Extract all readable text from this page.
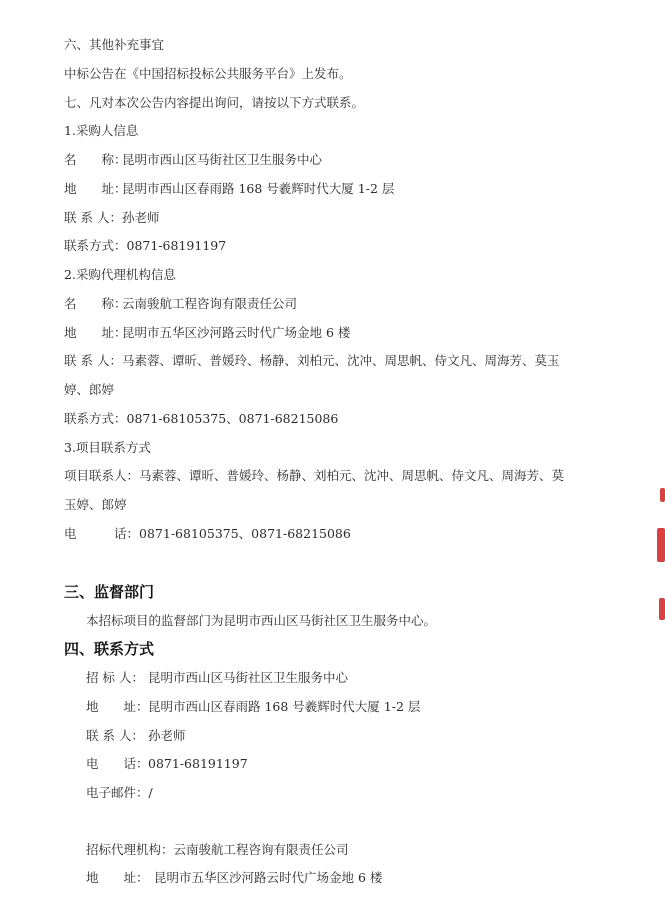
六、其他补充事宜
中标公告在《中国招标投标公共服务平台》上发布。
七、凡对本次公告内容提出询问，请按以下方式联系。
1.采购人信息
名　　称：昆明市西山区马街社区卫生服务中心
地　　址：昆明市西山区春雨路 168 号羲辉时代大厦 1-2 层
联 系 人：孙老师
联系方式：0871-68191197
2.采购代理机构信息
名　　称：云南骏航工程咨询有限责任公司
地　　址：昆明市五华区沙河路云时代广场金地 6 楼
联 系 人：马素蓉、谭昕、普媛玲、杨静、刘柏元、沈冲、周思帆、侍文凡、周海芳、莫玉
婷、郎婷
联系方式：0871-68105375、0871-68215086
3.项目联系方式
项目联系人：马素蓉、谭昕、普媛玲、杨静、刘柏元、沈冲、周思帆、侍文凡、周海芳、莫
玉婷、郎婷
电　　　话：0871-68105375、0871-68215086
三、监督部门
本招标项目的监督部门为昆明市西山区马街社区卫生服务中心。
四、联系方式
招 标 人： 昆明市西山区马街社区卫生服务中心
地　　址：昆明市西山区春雨路 168 号羲辉时代大厦 1-2 层
联 系 人： 孙老师
电　　话：0871-68191197
电子邮件：/
招标代理机构：云南骏航工程咨询有限责任公司
地　　址： 昆明市五华区沙河路云时代广场金地 6 楼
